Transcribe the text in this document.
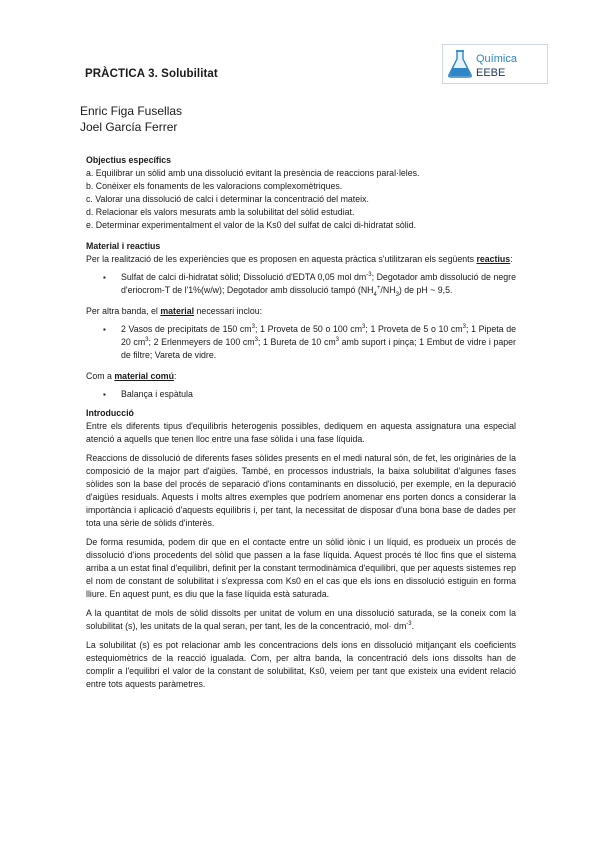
PRÀCTICA 3. Solubilitat
Química
EEBE
Enric Figa Fusellas
Joel García Ferrer
Objectius específics
a. Equilibrar un sòlid amb una dissolució evitant la presència de reaccions paral·leles.
b. Conèixer els fonaments de les valoracions complexomètriques.
c. Valorar una dissolució de calci i determinar la concentració del mateix.
d. Relacionar els valors mesurats amb la solubilitat del sòlid estudiat.
e. Determinar experimentalment el valor de la Ks0 del sulfat de calci di-hidratat sòlid.
Material i reactius

Per la realització de les experiències que es proposen en aquesta pràctica s'utilitzaran els següents reactius:

▪ Sulfat de calci di-hidratat sòlid; Dissolució d'EDTA 0,05 mol $dm^{-3}$; Degotador amb dissolució de negre d'eriocrom-T de l'1%(w/w); Degotador amb dissolució tampó $(NH_4^+/NH_3)$ de pH ~ 9,5.

Per altra banda, el material necessari inclou:

▪ 2 Vasos de precipitats de 150 $cm^3$; 1 Proveta de 50 o 100 $cm^3$; 1 Proveta de 5 o 10 $cm^3$; 1 Pipeta de 20 $cm^3$; 2 Erlenmeyers de 100 $cm^3$; 1 Bureta de 10 $cm^3$ amb suport i pinça; 1 Embut de vidre i paper de filtre; Vareta de vidre.

Com a material comú:

▪ Balança i espàtula
Introducció

Entre els diferents tipus d'equilibris heterogenis possibles, dediquem en aquesta assignatura una especial atenció a aquells que tenen lloc entre una fase sòlida i una fase líquida.

Reaccions de dissolució de diferents fases sòlides presents en el medi natural són, de fet, les originàries de la composició de la major part d'aigües. També, en processos industrials, la baixa solubilitat d'algunes fases sòlides son la base del procés de separació d'ions contaminants en dissolució, per exemple, en la depuració d'aigües residuals. Aquests i molts altres exemples que podríem anomenar ens porten doncs a considerar la importància i aplicació d'aquests equilibris i, per tant, la necessitat de disposar d'una bona base de dades per tota una sèrie de sòlids d'interès.

De forma resumida, podem dir que en el contacte entre un sòlid iònic i un líquid, es produeix un procés de dissolució d'ions procedents del sòlid que passen a la fase líquida. Aquest procés té lloc fins que el sistema arriba a un estat final d'equilibri, definit per la constant termodinàmica d'equilibri, que per aquests sistemes rep el nom de constant de solubilitat i s'expressa com Ks0 en el cas que els ions en dissolució estiguin en forma lliure. En aquest punt, es diu que la fase líquida està saturada.

A la quantitat de mols de sòlid dissolts per unitat de volum en una dissolució saturada, se la coneix com la solubilitat (s), les unitats de la qual seran, per tant, les de la concentració, $mol\cdot dm^{-3}$.

La solubilitat (s) es pot relacionar amb les concentracions dels ions en dissolució mitjançant els coeficients estequiomètrics de la reacció igualada. Com, per altra banda, la concentració dels ions dissolts han de complir a l'equilibri el valor de la constant de solubilitat, Ks0, veiem per tant que existeix una evident relació entre tots aquests paràmetres.
